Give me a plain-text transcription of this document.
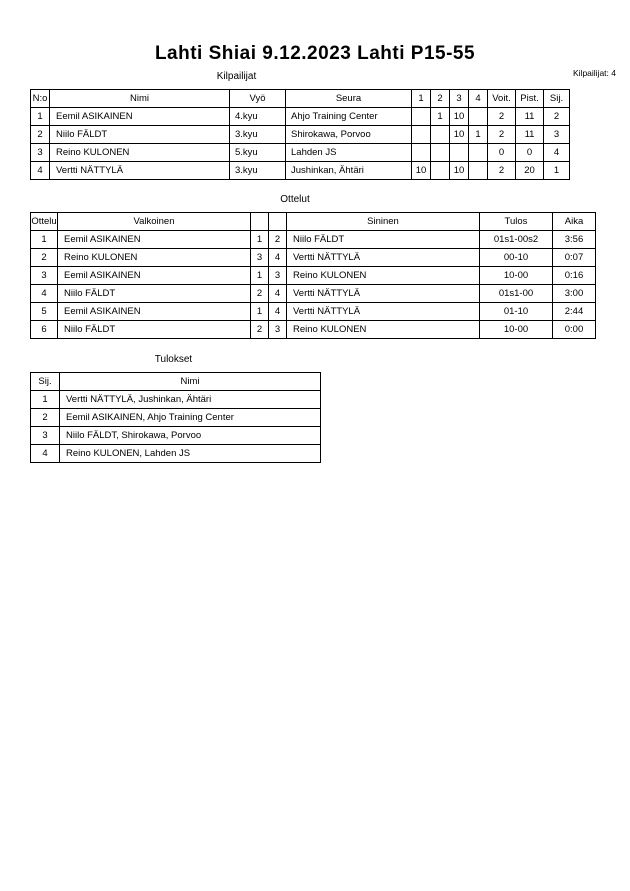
Lahti Shiai 9.12.2023 Lahti P15-55
Kilpailijat: 4
Kilpailijat
N:o	Nimi	Vyö	Seura	1	2	3	4	Voit.	Pist.	Sij.
1	Eemil ASIKAINEN	4.kyu	Ahjo Training Center		1	10		2	11	2
2	Niilo FÄLDT	3.kyu	Shirokawa, Porvoo			10	1	2	11	3
3	Reino KULONEN	5.kyu	Lahden JS					0	0	4
4	Vertti NÄTTYLÄ	3.kyu	Jushinkan, Ähtäri	10		10		2	20	1
Ottelut
Ottelu	Valkoinen			Sininen	Tulos	Aika
1	Eemil ASIKAINEN	1	2	Niilo FÄLDT	01s1-00s2	3:56
2	Reino KULONEN	3	4	Vertti NÄTTYLÄ	00-10	0:07
3	Eemil ASIKAINEN	1	3	Reino KULONEN	10-00	0:16
4	Niilo FÄLDT	2	4	Vertti NÄTTYLÄ	01s1-00	3:00
5	Eemil ASIKAINEN	1	4	Vertti NÄTTYLÄ	01-10	2:44
6	Niilo FÄLDT	2	3	Reino KULONEN	10-00	0:00
Tulokset
Sij.	Nimi
1	Vertti NÄTTYLÄ, Jushinkan, Ähtäri
2	Eemil ASIKAINEN, Ahjo Training Center
3	Niilo FÄLDT, Shirokawa, Porvoo
4	Reino KULONEN, Lahden JS
